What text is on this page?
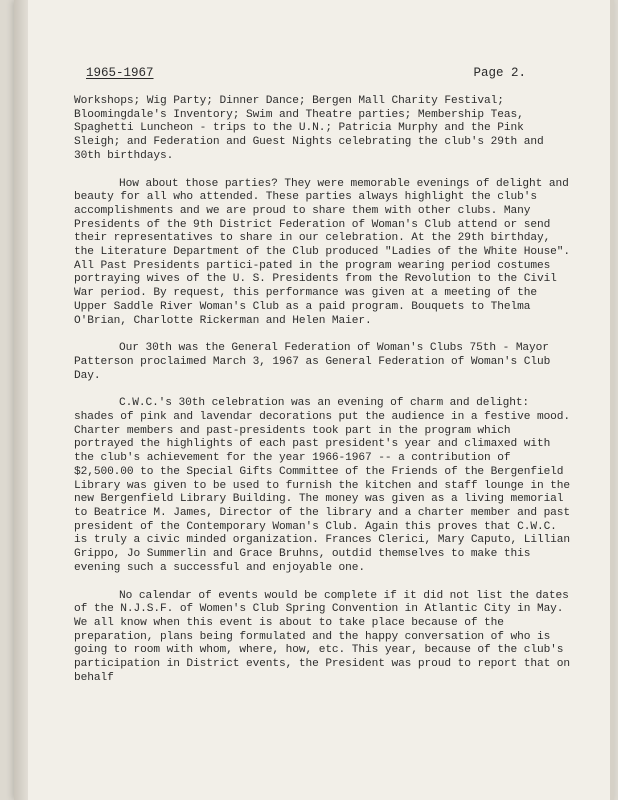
1965-1967	Page 2.

Workshops; Wig Party; Dinner Dance; Bergen Mall Charity Festival; Bloomingdale's Inventory; Swim and Theatre parties; Membership Teas, Spaghetti Luncheon - trips to the U.N.; Patricia Murphy and the Pink Sleigh; and Federation and Guest Nights celebrating the club's 29th and 30th birthdays.

How about those parties? They were memorable evenings of delight and beauty for all who attended. These parties always highlight the club's accomplishments and we are proud to share them with other clubs. Many Presidents of the 9th District Federation of Woman's Club attend or send their representatives to share in our celebration. At the 29th birthday, the Literature Department of the Club produced "Ladies of the White House". All Past Presidents partici-pated in the program wearing period costumes portraying wives of the U. S. Presidents from the Revolution to the Civil War period. By request, this performance was given at a meeting of the Upper Saddle River Woman's Club as a paid program. Bouquets to Thelma O'Brian, Charlotte Rickerman and Helen Maier.

Our 30th was the General Federation of Woman's Clubs 75th - Mayor Patterson proclaimed March 3, 1967 as General Federation of Woman's Club Day.

C.W.C.'s 30th celebration was an evening of charm and delight: shades of pink and lavendar decorations put the audience in a festive mood. Charter members and past-presidents took part in the program which portrayed the highlights of each past president's year and climaxed with the club's achievement for the year 1966-1967 -- a contribution of $2,500.00 to the Special Gifts Committee of the Friends of the Bergenfield Library was given to be used to furnish the kitchen and staff lounge in the new Bergenfield Library Building. The money was given as a living memorial to Beatrice M. James, Director of the library and a charter member and past president of the Contemporary Woman's Club. Again this proves that C.W.C. is truly a civic minded organization. Frances Clerici, Mary Caputo, Lillian Grippo, Jo Summerlin and Grace Bruhns, outdid themselves to make this evening such a successful and enjoyable one.

No calendar of events would be complete if it did not list the dates of the N.J.S.F. of Women's Club Spring Convention in Atlantic City in May. We all know when this event is about to take place because of the preparation, plans being formulated and the happy conversation of who is going to room with whom, where, how, etc. This year, because of the club's participation in District events, the President was proud to report that on behalf
